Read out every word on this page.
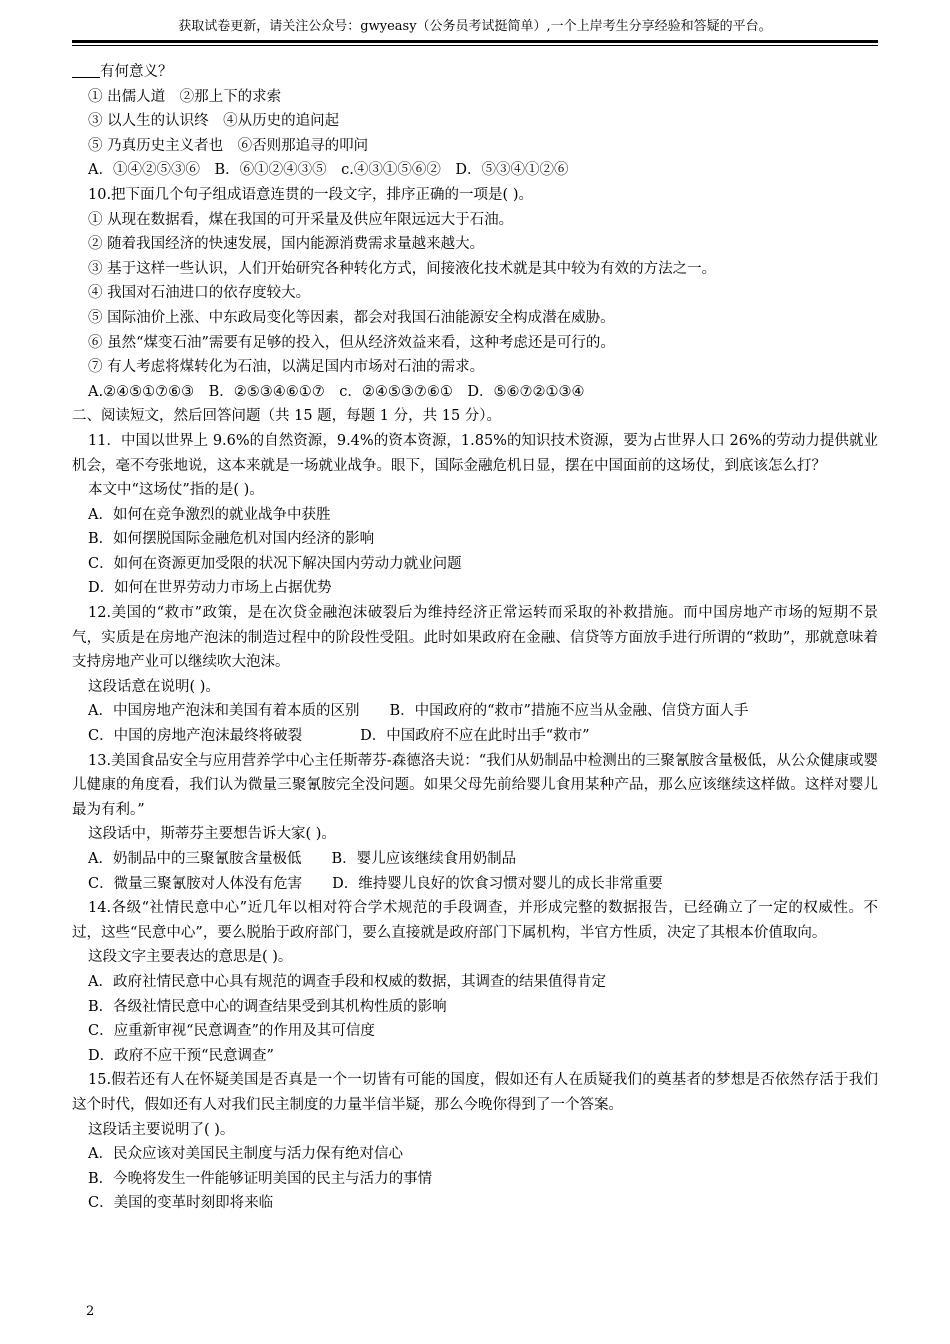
获取试卷更新，请关注公众号：gwyeasy（公务员考试挺简单）,一个上岸考生分享经验和答疑的平台。
有何意义？
① 出儒人道　②那上下的求索
③ 以人生的认识终　④从历史的追问起
⑤ 乃真历史主义者也　⑥否则那追寻的叩问
A．①④②⑤③⑥　B．⑥①②④③⑤　c.④③①⑤⑥②　D．⑤③④①②⑥
10.把下面几个句子组成语意连贯的一段文字，排序正确的一项是( )。
① 从现在数据看，煤在我国的可开采量及供应年限远远大于石油。
② 随着我国经济的快速发展，国内能源消费需求量越来越大。
③ 基于这样一些认识，人们开始研究各种转化方式，间接液化技术就是其中较为有效的方法之一。
④ 我国对石油进口的依存度较大。
⑤ 国际油价上涨、中东政局变化等因素，都会对我国石油能源安全构成潜在威胁。
⑥ 虽然“煤变石油”需要有足够的投入，但从经济效益来看，这种考虑还是可行的。
⑦ 有人考虑将煤转化为石油，以满足国内市场对石油的需求。
A.②④⑤①⑦⑥③　B．②⑤③④⑥①⑦　c．②④⑤③⑦⑥①　D．⑤⑥⑦②①③④
二、阅读短文，然后回答问题（共 15 题，每题 1 分，共 15 分）。
11．中国以世界上 9.6%的自然资源，9.4%的资本资源，1.85%的知识技术资源，要为占世界人口 26%的劳动力提供就业机会，毫不夸张地说，这本来就是一场就业战争。眼下，国际金融危机日显，摆在中国面前的这场仗，到底该怎么打？
本文中“这场仗”指的是( )。
A．如何在竞争激烈的就业战争中获胜
B．如何摆脱国际金融危机对国内经济的影响
C．如何在资源更加受限的状况下解决国内劳动力就业问题
D．如何在世界劳动力市场上占据优势
12.美国的“救市”政策，是在次贷金融泡沫破裂后为维持经济正常运转而采取的补救措施。而中国房地产市场的短期不景气，实质是在房地产泡沫的制造过程中的阶段性受阻。此时如果政府在金融、信贷等方面放手进行所谓的“救助”，那就意味着支持房地产业可以继续吹大泡沫。
这段话意在说明( )。
A．中国房地产泡沫和美国有着本质的区别 B．中国政府的“救市”措施不应当从金融、信贷方面人手
C．中国的房地产泡沫最终将破裂	D．中国政府不应在此时出手“救市”
13.美国食品安全与应用营养学中心主任斯蒂芬-森德洛夫说：“我们从奶制品中检测出的三聚氰胺含量极低，从公众健康或婴儿健康的角度看，我们认为微量三聚氰胺完全没问题。如果父母先前给婴儿食用某种产品，那么应该继续这样做。这样对婴儿最为有利。”
这段话中，斯蒂芬主要想告诉大家( )。
A．奶制品中的三聚氰胺含量极低 B．婴儿应该继续食用奶制品
C．微量三聚氰胺对人体没有危害 D．维持婴儿良好的饮食习惯对婴儿的成长非常重要
14.各级“社情民意中心”近几年以相对符合学术规范的手段调查，并形成完整的数据报告，已经确立了一定的权威性。不过，这些“民意中心”，要么脱胎于政府部门，要么直接就是政府部门下属机构，半官方性质，决定了其根本价值取向。
这段文字主要表达的意思是( )。
A．政府社情民意中心具有规范的调查手段和权威的数据，其调查的结果值得肯定
B．各级社情民意中心的调查结果受到其机构性质的影响
C．应重新审视“民意调查”的作用及其可信度
D．政府不应干预“民意调查”
15.假若还有人在怀疑美国是否真是一个一切皆有可能的国度，假如还有人在质疑我们的奠基者的梦想是否依然存活于我们这个时代，假如还有人对我们民主制度的力量半信半疑，那么今晚你得到了一个答案。
这段话主要说明了( )。
A．民众应该对美国民主制度与活力保有绝对信心
B．今晚将发生一件能够证明美国的民主与活力的事情
C．美国的变革时刻即将来临
2
